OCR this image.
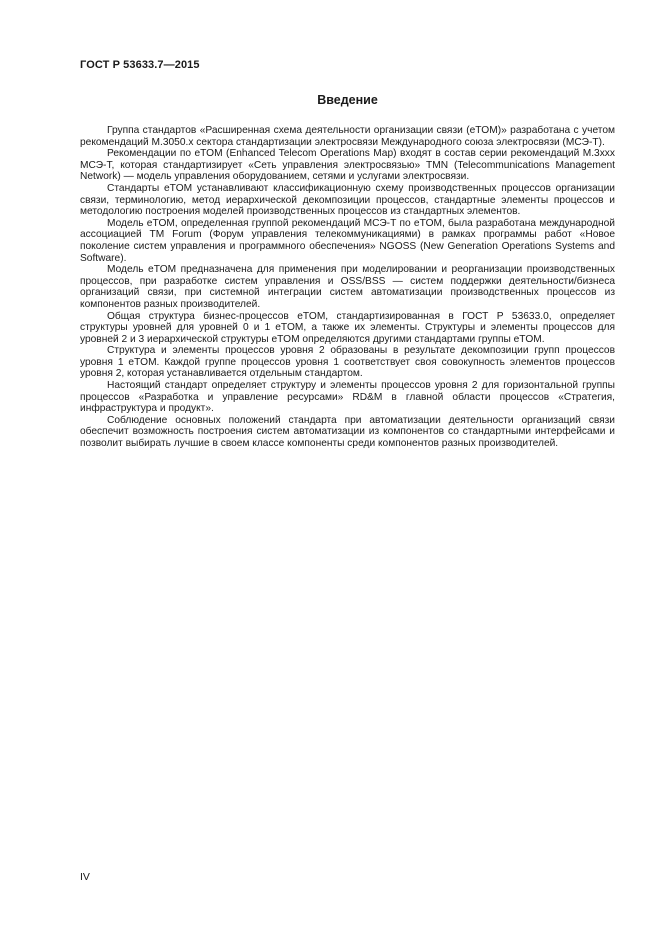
ГОСТ Р 53633.7—2015
Введение

Группа стандартов «Расширенная схема деятельности организации связи (eTOM)» разработана с учетом рекомендаций М.3050.х сектора стандартизации электросвязи Международного союза электросвязи (МСЭ-Т).

Рекомендации по eTOM (Enhanced Telecom Operations Map) входят в состав серии рекомендаций М.3ххх МСЭ-Т, которая стандартизирует «Сеть управления электросвязью» TMN (Telecommunications Management Network) — модель управления оборудованием, сетями и услугами электросвязи.

Стандарты eTOM устанавливают классификационную схему производственных процессов организации связи, терминологию, метод иерархической декомпозиции процессов, стандартные элементы процессов и методологию построения моделей производственных процессов из стандартных элементов.

Модель eTOM, определенная группой рекомендаций МСЭ-Т по eTOM, была разработана международной ассоциацией TM Forum (Форум управления телекоммуникациями) в рамках программы работ «Новое поколение систем управления и программного обеспечения» NGOSS (New Generation Operations Systems and Software).

Модель eTOM предназначена для применения при моделировании и реорганизации производственных процессов, при разработке систем управления и OSS/BSS — систем поддержки деятельности/бизнеса организаций связи, при системной интеграции систем автоматизации производственных процессов из компонентов разных производителей.

Общая структура бизнес-процессов eTOM, стандартизированная в ГОСТ Р 53633.0, определяет структуры уровней для уровней 0 и 1 eTOM, а также их элементы. Структуры и элементы процессов для уровней 2 и 3 иерархической структуры eTOM определяются другими стандартами группы eTOM.

Структура и элементы процессов уровня 2 образованы в результате декомпозиции групп процессов уровня 1 eTOM. Каждой группе процессов уровня 1 соответствует своя совокупность элементов процессов уровня 2, которая устанавливается отдельным стандартом.

Настоящий стандарт определяет структуру и элементы процессов уровня 2 для горизонтальной группы процессов «Разработка и управление ресурсами» RD&M в главной области процессов «Стратегия, инфраструктура и продукт».

Соблюдение основных положений стандарта при автоматизации деятельности организаций связи обеспечит возможность построения систем автоматизации из компонентов со стандартными интерфейсами и позволит выбирать лучшие в своем классе компоненты среди компонентов разных производителей.

IV
